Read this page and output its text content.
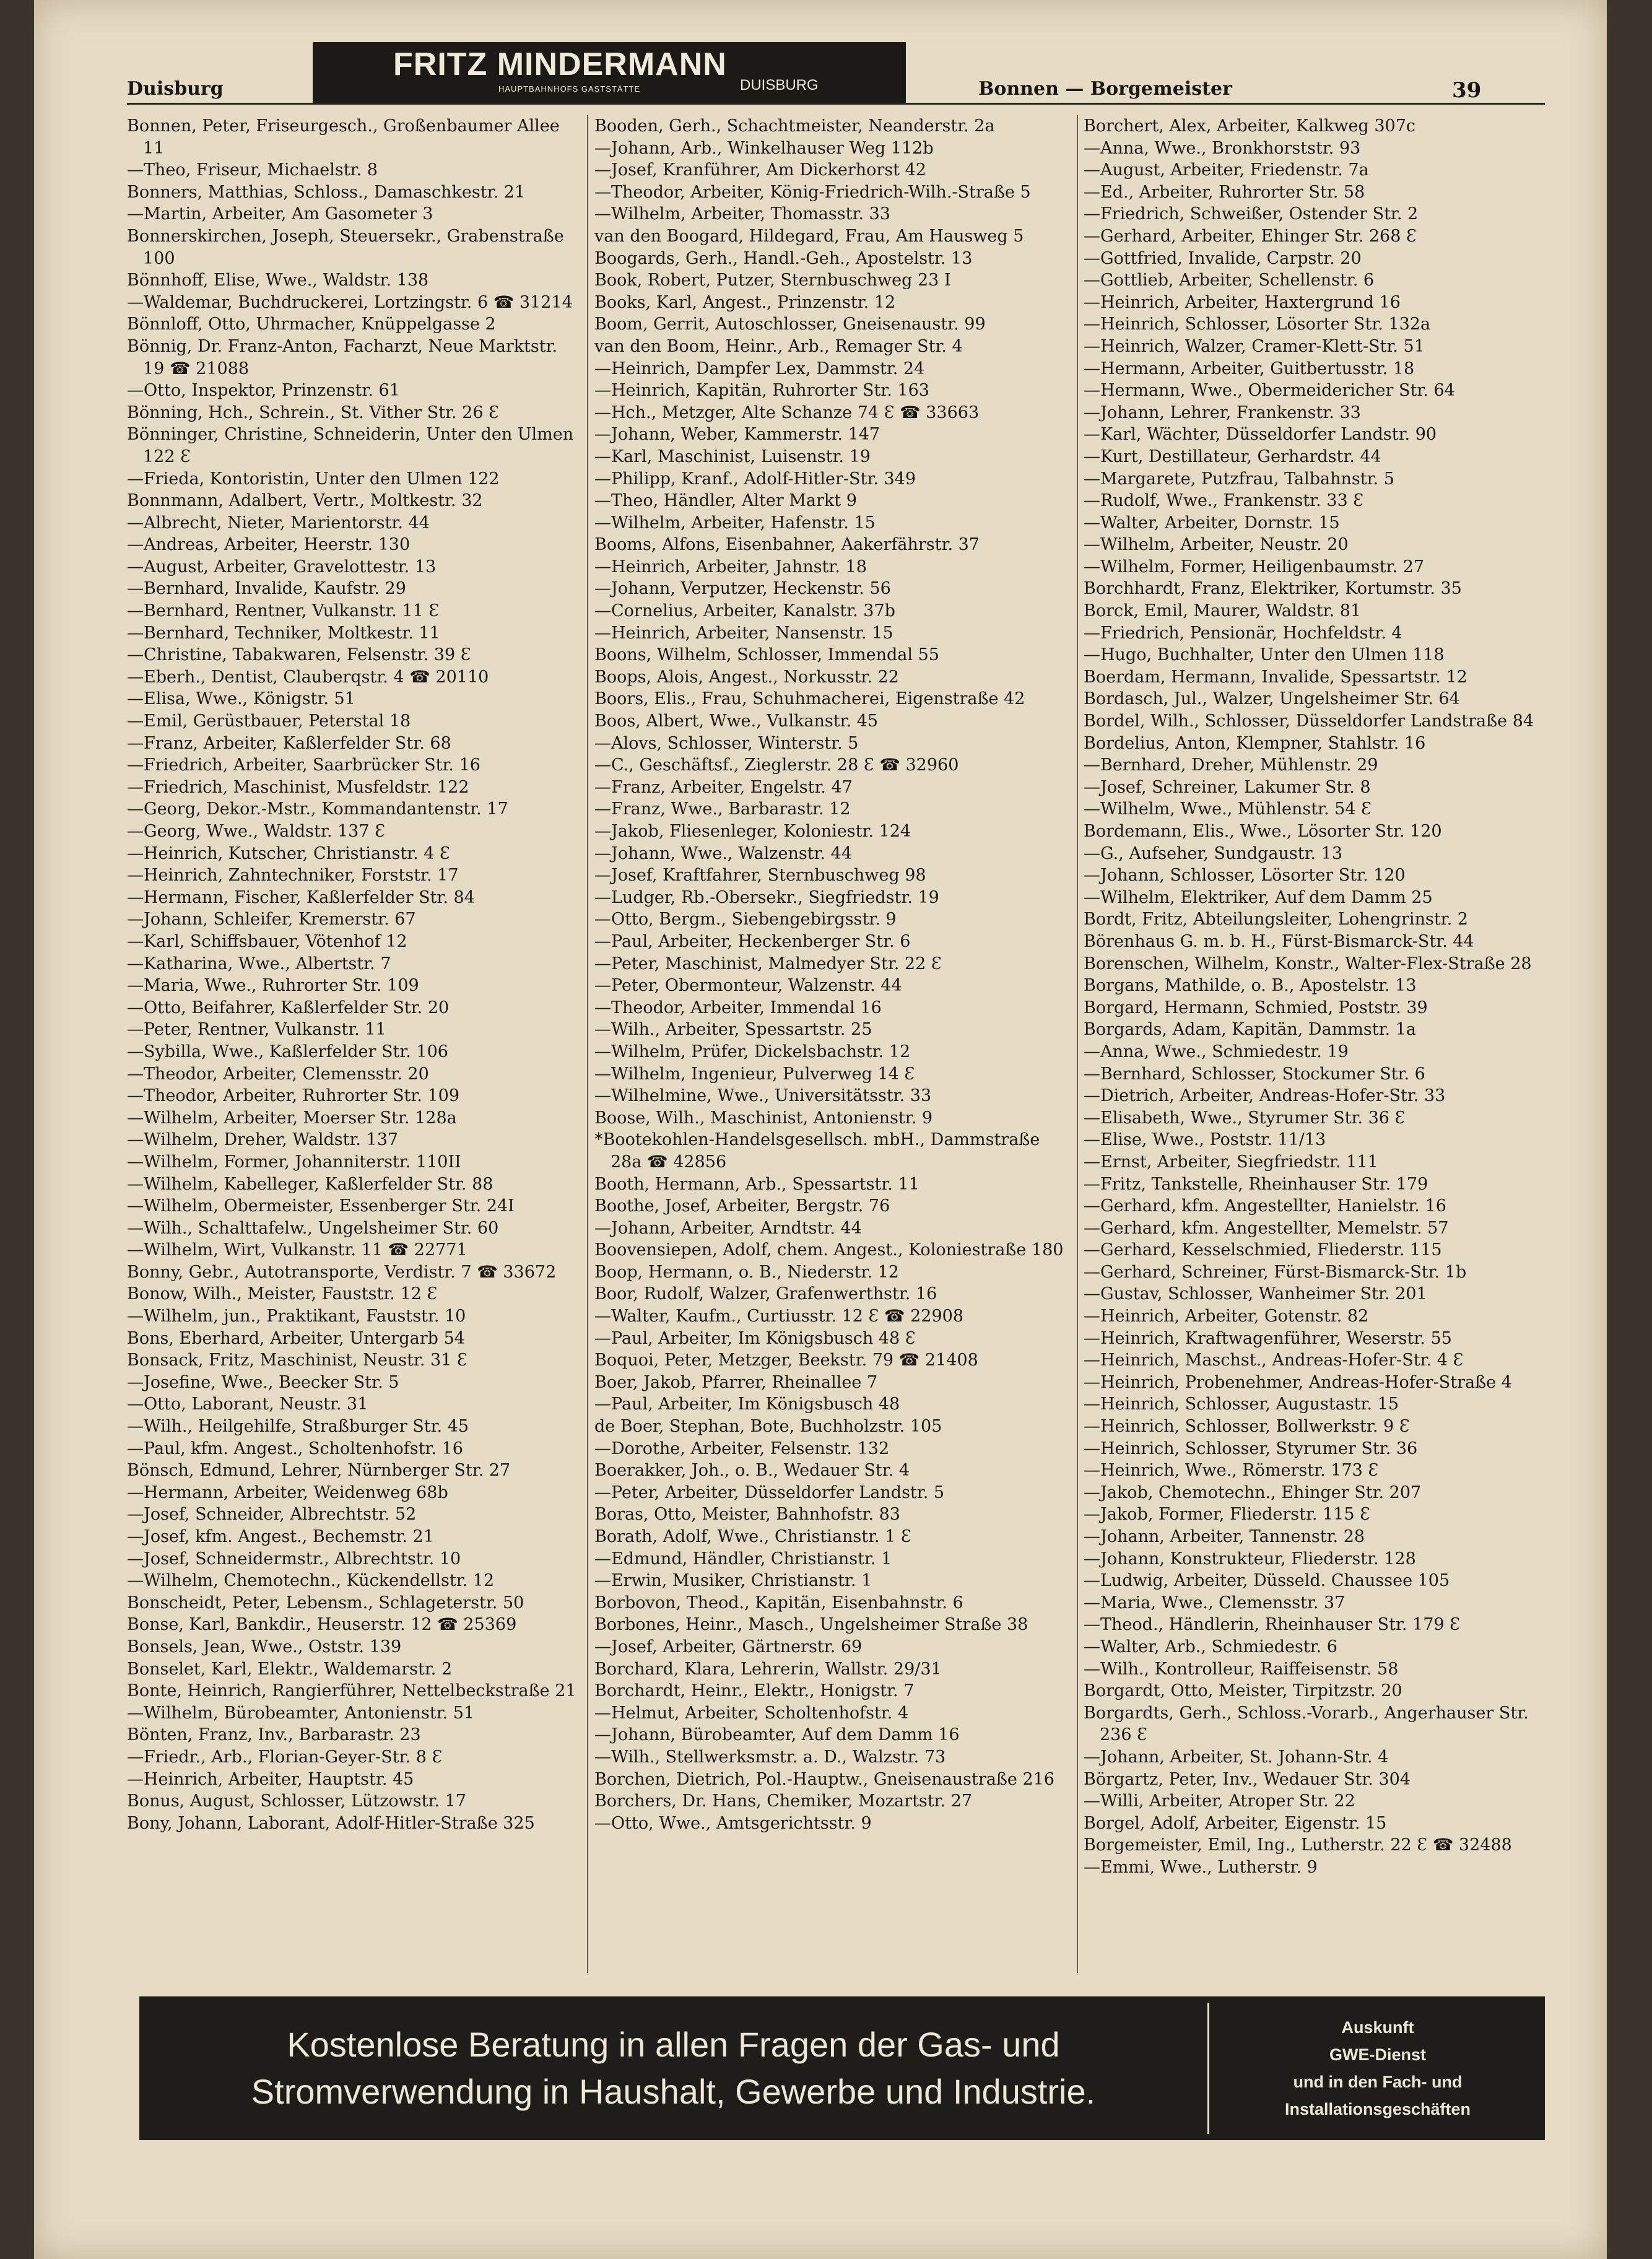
Duisburg
FRITZ MINDERMANN
HAUPTBAHNHOFS GASTSTÄTTE	DUISBURG	Bonnen — Borgemeister	39
Bonnen, Peter, Friseurgesch., Großenbaumer Allee 11
—Theo, Friseur, Michaelstr. 8
Bonners, Matthias, Schloss., Damaschkestr. 21
—Martin, Arbeiter, Am Gasometer 3
Bonnerskirchen, Joseph, Steuersekr., Grabenstraße 100
Bönnhoff, Elise, Wwe., Waldstr. 138
—Waldemar, Buchdruckerei, Lortzingstr. 6 ☎ 31214
Bönnloff, Otto, Uhrmacher, Knüppelgasse 2
Bönnig, Dr. Franz-Anton, Facharzt, Neue Marktstr. 19 ☎ 21088
—Otto, Inspektor, Prinzenstr. 61
Bönning, Hch., Schrein., St. Vither Str. 26 Ɛ
Bönninger, Christine, Schneiderin, Unter den Ulmen 122 Ɛ
—Frieda, Kontoristin, Unter den Ulmen 122
Bonnmann, Adalbert, Vertr., Moltkestr. 32
—Albrecht, Nieter, Marientorstr. 44
—Andreas, Arbeiter, Heerstr. 130
—August, Arbeiter, Gravelottestr. 13
—Bernhard, Invalide, Kaufstr. 29
—Bernhard, Rentner, Vulkanstr. 11 Ɛ
—Bernhard, Techniker, Moltkestr. 11
—Christine, Tabakwaren, Felsenstr. 39 Ɛ
—Eberh., Dentist, Clauberqstr. 4 ☎ 20110
—Elisa, Wwe., Königstr. 51
—Emil, Gerüstbauer, Peterstal 18
—Franz, Arbeiter, Kaßlerfelder Str. 68
—Friedrich, Arbeiter, Saarbrücker Str. 16
—Friedrich, Maschinist, Musfeldstr. 122
—Georg, Dekor.-Mstr., Kommandantenstr. 17
—Georg, Wwe., Waldstr. 137 Ɛ
—Heinrich, Kutscher, Christianstr. 4 Ɛ
—Heinrich, Zahntechniker, Forststr. 17
—Hermann, Fischer, Kaßlerfelder Str. 84
—Johann, Schleifer, Kremerstr. 67
—Karl, Schiffsbauer, Vötenhof 12
—Katharina, Wwe., Albertstr. 7
—Maria, Wwe., Ruhrorter Str. 109
—Otto, Beifahrer, Kaßlerfelder Str. 20
—Peter, Rentner, Vulkanstr. 11
—Sybilla, Wwe., Kaßlerfelder Str. 106
—Theodor, Arbeiter, Clemensstr. 20
—Theodor, Arbeiter, Ruhrorter Str. 109
—Wilhelm, Arbeiter, Moerser Str. 128a
—Wilhelm, Dreher, Waldstr. 137
—Wilhelm, Former, Johanniterstr. 110II
—Wilhelm, Kabelleger, Kaßlerfelder Str. 88
—Wilhelm, Obermeister, Essenberger Str. 24I
—Wilh., Schalttafelw., Ungelsheimer Str. 60
—Wilhelm, Wirt, Vulkanstr. 11 ☎ 22771
Bonny, Gebr., Autotransporte, Verdistr. 7 ☎ 33672
Bonow, Wilh., Meister, Fauststr. 12 Ɛ
—Wilhelm, jun., Praktikant, Fauststr. 10
Bons, Eberhard, Arbeiter, Untergarb 54
Bonsack, Fritz, Maschinist, Neustr. 31 Ɛ
—Josefine, Wwe., Beecker Str. 5
—Otto, Laborant, Neustr. 31
—Wilh., Heilgehilfe, Straßburger Str. 45
—Paul, kfm. Angest., Scholtenhofstr. 16
Bönsch, Edmund, Lehrer, Nürnberger Str. 27
—Hermann, Arbeiter, Weidenweg 68b
—Josef, Schneider, Albrechtstr. 52
—Josef, kfm. Angest., Bechemstr. 21
—Josef, Schneidermstr., Albrechtstr. 10
—Wilhelm, Chemotechn., Kückendellstr. 12
Bonscheidt, Peter, Lebensm., Schlageterstr. 50
Bonse, Karl, Bankdir., Heuserstr. 12 ☎ 25369
Bonsels, Jean, Wwe., Oststr. 139
Bonselet, Karl, Elektr., Waldemarstr. 2
Bonte, Heinrich, Rangierführer, Nettelbeckstraße 21
—Wilhelm, Bürobeamter, Antonienstr. 51
Bönten, Franz, Inv., Barbarastr. 23
—Friedr., Arb., Florian-Geyer-Str. 8 Ɛ
—Heinrich, Arbeiter, Hauptstr. 45
Bonus, August, Schlosser, Lützowstr. 17
Bony, Johann, Laborant, Adolf-Hitler-Straße 325
Booden, Gerh., Schachtmeister, Neanderstr. 2a
—Johann, Arb., Winkelhauser Weg 112b
—Josef, Kranführer, Am Dickerhorst 42
—Theodor, Arbeiter, König-Friedrich-Wilh.-Straße 5
—Wilhelm, Arbeiter, Thomasstr. 33
van den Boogard, Hildegard, Frau, Am Hausweg 5
Boogards, Gerh., Handl.-Geh., Apostelstr. 13
Book, Robert, Putzer, Sternbuschweg 23 I
Books, Karl, Angest., Prinzenstr. 12
Boom, Gerrit, Autoschlosser, Gneisenaustr. 99
van den Boom, Heinr., Arb., Remager Str. 4
—Heinrich, Dampfer Lex, Dammstr. 24
—Heinrich, Kapitän, Ruhrorter Str. 163
—Hch., Metzger, Alte Schanze 74 Ɛ ☎ 33663
—Johann, Weber, Kammerstr. 147
—Karl, Maschinist, Luisenstr. 19
—Philipp, Kranf., Adolf-Hitler-Str. 349
—Theo, Händler, Alter Markt 9
—Wilhelm, Arbeiter, Hafenstr. 15
Booms, Alfons, Eisenbahner, Aakerfährstr. 37
—Heinrich, Arbeiter, Jahnstr. 18
—Johann, Verputzer, Heckenstr. 56
—Cornelius, Arbeiter, Kanalstr. 37b
—Heinrich, Arbeiter, Nansenstr. 15
Boons, Wilhelm, Schlosser, Immendal 55
Boops, Alois, Angest., Norkusstr. 22
Boors, Elis., Frau, Schuhmacherei, Eigenstraße 42
Boos, Albert, Wwe., Vulkanstr. 45
—Alovs, Schlosser, Winterstr. 5
—C., Geschäftsf., Zieglerstr. 28 Ɛ ☎ 32960
—Franz, Arbeiter, Engelstr. 47
—Franz, Wwe., Barbarastr. 12
—Jakob, Fliesenleger, Koloniestr. 124
—Johann, Wwe., Walzenstr. 44
—Josef, Kraftfahrer, Sternbuschweg 98
—Ludger, Rb.-Obersekr., Siegfriedstr. 19
—Otto, Bergm., Siebengebirgsstr. 9
—Paul, Arbeiter, Heckenberger Str. 6
—Peter, Maschinist, Malmedyer Str. 22 Ɛ
—Peter, Obermonteur, Walzenstr. 44
—Theodor, Arbeiter, Immendal 16
—Wilh., Arbeiter, Spessartstr. 25
—Wilhelm, Prüfer, Dickelsbachstr. 12
—Wilhelm, Ingenieur, Pulverweg 14 Ɛ
—Wilhelmine, Wwe., Universitätsstr. 33
Boose, Wilh., Maschinist, Antonienstr. 9
*Bootekohlen-Handelsgesellsch. mbH., Dammstraße 28a ☎ 42856
Booth, Hermann, Arb., Spessartstr. 11
Boothe, Josef, Arbeiter, Bergstr. 76
—Johann, Arbeiter, Arndtstr. 44
Boovensiepen, Adolf, chem. Angest., Koloniestraße 180
Boop, Hermann, o. B., Niederstr. 12
Boor, Rudolf, Walzer, Grafenwerthstr. 16
—Walter, Kaufm., Curtiusstr. 12 Ɛ ☎ 22908
—Paul, Arbeiter, Im Königsbusch 48 Ɛ
Boquoi, Peter, Metzger, Beekstr. 79 ☎ 21408
Boer, Jakob, Pfarrer, Rheinallee 7
—Paul, Arbeiter, Im Königsbusch 48
de Boer, Stephan, Bote, Buchholzstr. 105
—Dorothe, Arbeiter, Felsenstr. 132
Boerakker, Joh., o. B., Wedauer Str. 4
—Peter, Arbeiter, Düsseldorfer Landstr. 5
Boras, Otto, Meister, Bahnhofstr. 83
Borath, Adolf, Wwe., Christianstr. 1 Ɛ
—Edmund, Händler, Christianstr. 1
—Erwin, Musiker, Christianstr. 1
Borbovon, Theod., Kapitän, Eisenbahnstr. 6
Borbones, Heinr., Masch., Ungelsheimer Straße 38
—Josef, Arbeiter, Gärtnerstr. 69
Borchard, Klara, Lehrerin, Wallstr. 29/31
Borchardt, Heinr., Elektr., Honigstr. 7
—Helmut, Arbeiter, Scholtenhofstr. 4
—Johann, Bürobeamter, Auf dem Damm 16
—Wilh., Stellwerksmstr. a. D., Walzstr. 73
Borchen, Dietrich, Pol.-Hauptw., Gneisenaustraße 216
Borchers, Dr. Hans, Chemiker, Mozartstr. 27
—Otto, Wwe., Amtsgerichtsstr. 9
Borchert, Alex, Arbeiter, Kalkweg 307c
—Anna, Wwe., Bronkhorststr. 93
—August, Arbeiter, Friedenstr. 7a
—Ed., Arbeiter, Ruhrorter Str. 58
—Friedrich, Schweißer, Ostender Str. 2
—Gerhard, Arbeiter, Ehinger Str. 268 Ɛ
—Gottfried, Invalide, Carpstr. 20
—Gottlieb, Arbeiter, Schellenstr. 6
—Heinrich, Arbeiter, Haxtergrund 16
—Heinrich, Schlosser, Lösorter Str. 132a
—Heinrich, Walzer, Cramer-Klett-Str. 51
—Hermann, Arbeiter, Guitbertusstr. 18
—Hermann, Wwe., Obermeidericher Str. 64
—Johann, Lehrer, Frankenstr. 33
—Karl, Wächter, Düsseldorfer Landstr. 90
—Kurt, Destillateur, Gerhardstr. 44
—Margarete, Putzfrau, Talbahnstr. 5
—Rudolf, Wwe., Frankenstr. 33 Ɛ
—Walter, Arbeiter, Dornstr. 15
—Wilhelm, Arbeiter, Neustr. 20
—Wilhelm, Former, Heiligenbaumstr. 27
Borchhardt, Franz, Elektriker, Kortumstr. 35
Borck, Emil, Maurer, Waldstr. 81
—Friedrich, Pensionär, Hochfeldstr. 4
—Hugo, Buchhalter, Unter den Ulmen 118
Boerdam, Hermann, Invalide, Spessartstr. 12
Bordasch, Jul., Walzer, Ungelsheimer Str. 64
Bordel, Wilh., Schlosser, Düsseldorfer Landstraße 84
Bordelius, Anton, Klempner, Stahlstr. 16
—Bernhard, Dreher, Mühlenstr. 29
—Josef, Schreiner, Lakumer Str. 8
—Wilhelm, Wwe., Mühlenstr. 54 Ɛ
Bordemann, Elis., Wwe., Lösorter Str. 120
—G., Aufseher, Sundgaustr. 13
—Johann, Schlosser, Lösorter Str. 120
—Wilhelm, Elektriker, Auf dem Damm 25
Bordt, Fritz, Abteilungsleiter, Lohengrinstr. 2
Börenhaus G. m. b. H., Fürst-Bismarck-Str. 44
Borenschen, Wilhelm, Konstr., Walter-Flex-Straße 28
Borgans, Mathilde, o. B., Apostelstr. 13
Borgard, Hermann, Schmied, Poststr. 39
Borgards, Adam, Kapitän, Dammstr. 1a
—Anna, Wwe., Schmiedestr. 19
—Bernhard, Schlosser, Stockumer Str. 6
—Dietrich, Arbeiter, Andreas-Hofer-Str. 33
—Elisabeth, Wwe., Styrumer Str. 36 Ɛ
—Elise, Wwe., Poststr. 11/13
—Ernst, Arbeiter, Siegfriedstr. 111
—Fritz, Tankstelle, Rheinhauser Str. 179
—Gerhard, kfm. Angestellter, Hanielstr. 16
—Gerhard, kfm. Angestellter, Memelstr. 57
—Gerhard, Kesselschmied, Fliederstr. 115
—Gerhard, Schreiner, Fürst-Bismarck-Str. 1b
—Gustav, Schlosser, Wanheimer Str. 201
—Heinrich, Arbeiter, Gotenstr. 82
—Heinrich, Kraftwagenführer, Weserstr. 55
—Heinrich, Maschst., Andreas-Hofer-Str. 4 Ɛ
—Heinrich, Probenehmer, Andreas-Hofer-Straße 4
—Heinrich, Schlosser, Augustastr. 15
—Heinrich, Schlosser, Bollwerkstr. 9 Ɛ
—Heinrich, Schlosser, Styrumer Str. 36
—Heinrich, Wwe., Römerstr. 173 Ɛ
—Jakob, Chemotechn., Ehinger Str. 207
—Jakob, Former, Fliederstr. 115 Ɛ
—Johann, Arbeiter, Tannenstr. 28
—Johann, Konstrukteur, Fliederstr. 128
—Ludwig, Arbeiter, Düsseld. Chaussee 105
—Maria, Wwe., Clemensstr. 37
—Theod., Händlerin, Rheinhauser Str. 179 Ɛ
—Walter, Arb., Schmiedestr. 6
—Wilh., Kontrolleur, Raiffeisenstr. 58
Borgardt, Otto, Meister, Tirpitzstr. 20
Borgardts, Gerh., Schloss.-Vorarb., Angerhauser Str. 236 Ɛ
—Johann, Arbeiter, St. Johann-Str. 4
Börgartz, Peter, Inv., Wedauer Str. 304
—Willi, Arbeiter, Atroper Str. 22
Borgel, Adolf, Arbeiter, Eigenstr. 15
Borgemeister, Emil, Ing., Lutherstr. 22 Ɛ ☎ 32488
—Emmi, Wwe., Lutherstr. 9
Kostenlose Beratung in allen Fragen der Gas- und
Stromverwendung in Haushalt, Gewerbe und Industrie.
Auskunft
GWE-Dienst
und in den Fach- und
Installationsgeschäften
